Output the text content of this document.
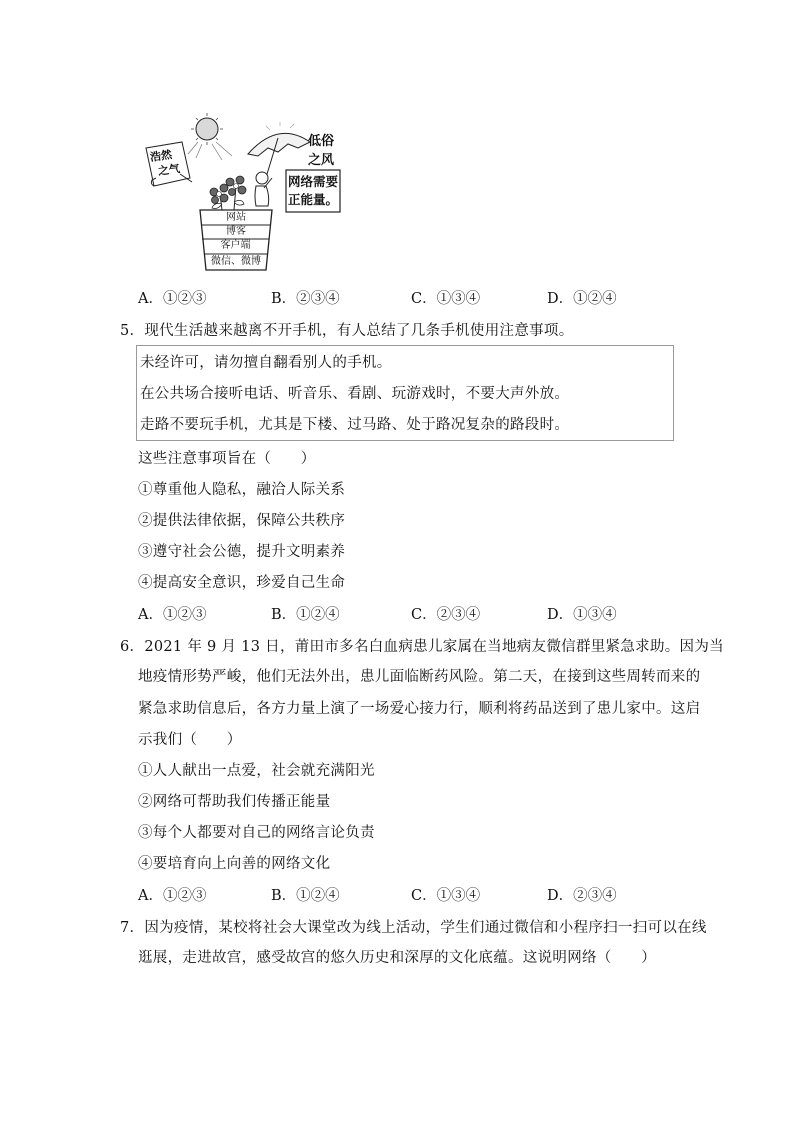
浩然
之气
低俗
之风
网络需要
正能量。
网站
博客
客户端
微信、微博
A．①②③	B．②③④	C．①③④	D．①②④
5．现代生活越来越离不开手机，有人总结了几条手机使用注意事项。
未经许可，请勿擅自翻看别人的手机。
在公共场合接听电话、听音乐、看剧、玩游戏时，不要大声外放。
走路不要玩手机，尤其是下楼、过马路、处于路况复杂的路段时。
这些注意事项旨在（　　）
①尊重他人隐私，融洽人际关系
②提供法律依据，保障公共秩序
③遵守社会公德，提升文明素养
④提高安全意识，珍爱自己生命
A．①②③	B．①②④	C．②③④	D．①③④
6．2021 年 9 月 13 日，莆田市多名白血病患儿家属在当地病友微信群里紧急求助。因为当
地疫情形势严峻，他们无法外出，患儿面临断药风险。第二天，在接到这些周转而来的
紧急求助信息后，各方力量上演了一场爱心接力行，顺利将药品送到了患儿家中。这启
示我们（　　）
①人人献出一点爱，社会就充满阳光
②网络可帮助我们传播正能量
③每个人都要对自己的网络言论负责
④要培育向上向善的网络文化
A．①②③	B．①②④	C．①③④	D．②③④
7．因为疫情，某校将社会大课堂改为线上活动，学生们通过微信和小程序扫一扫可以在线
逛展，走进故宫，感受故宫的悠久历史和深厚的文化底蕴。这说明网络（　　）
